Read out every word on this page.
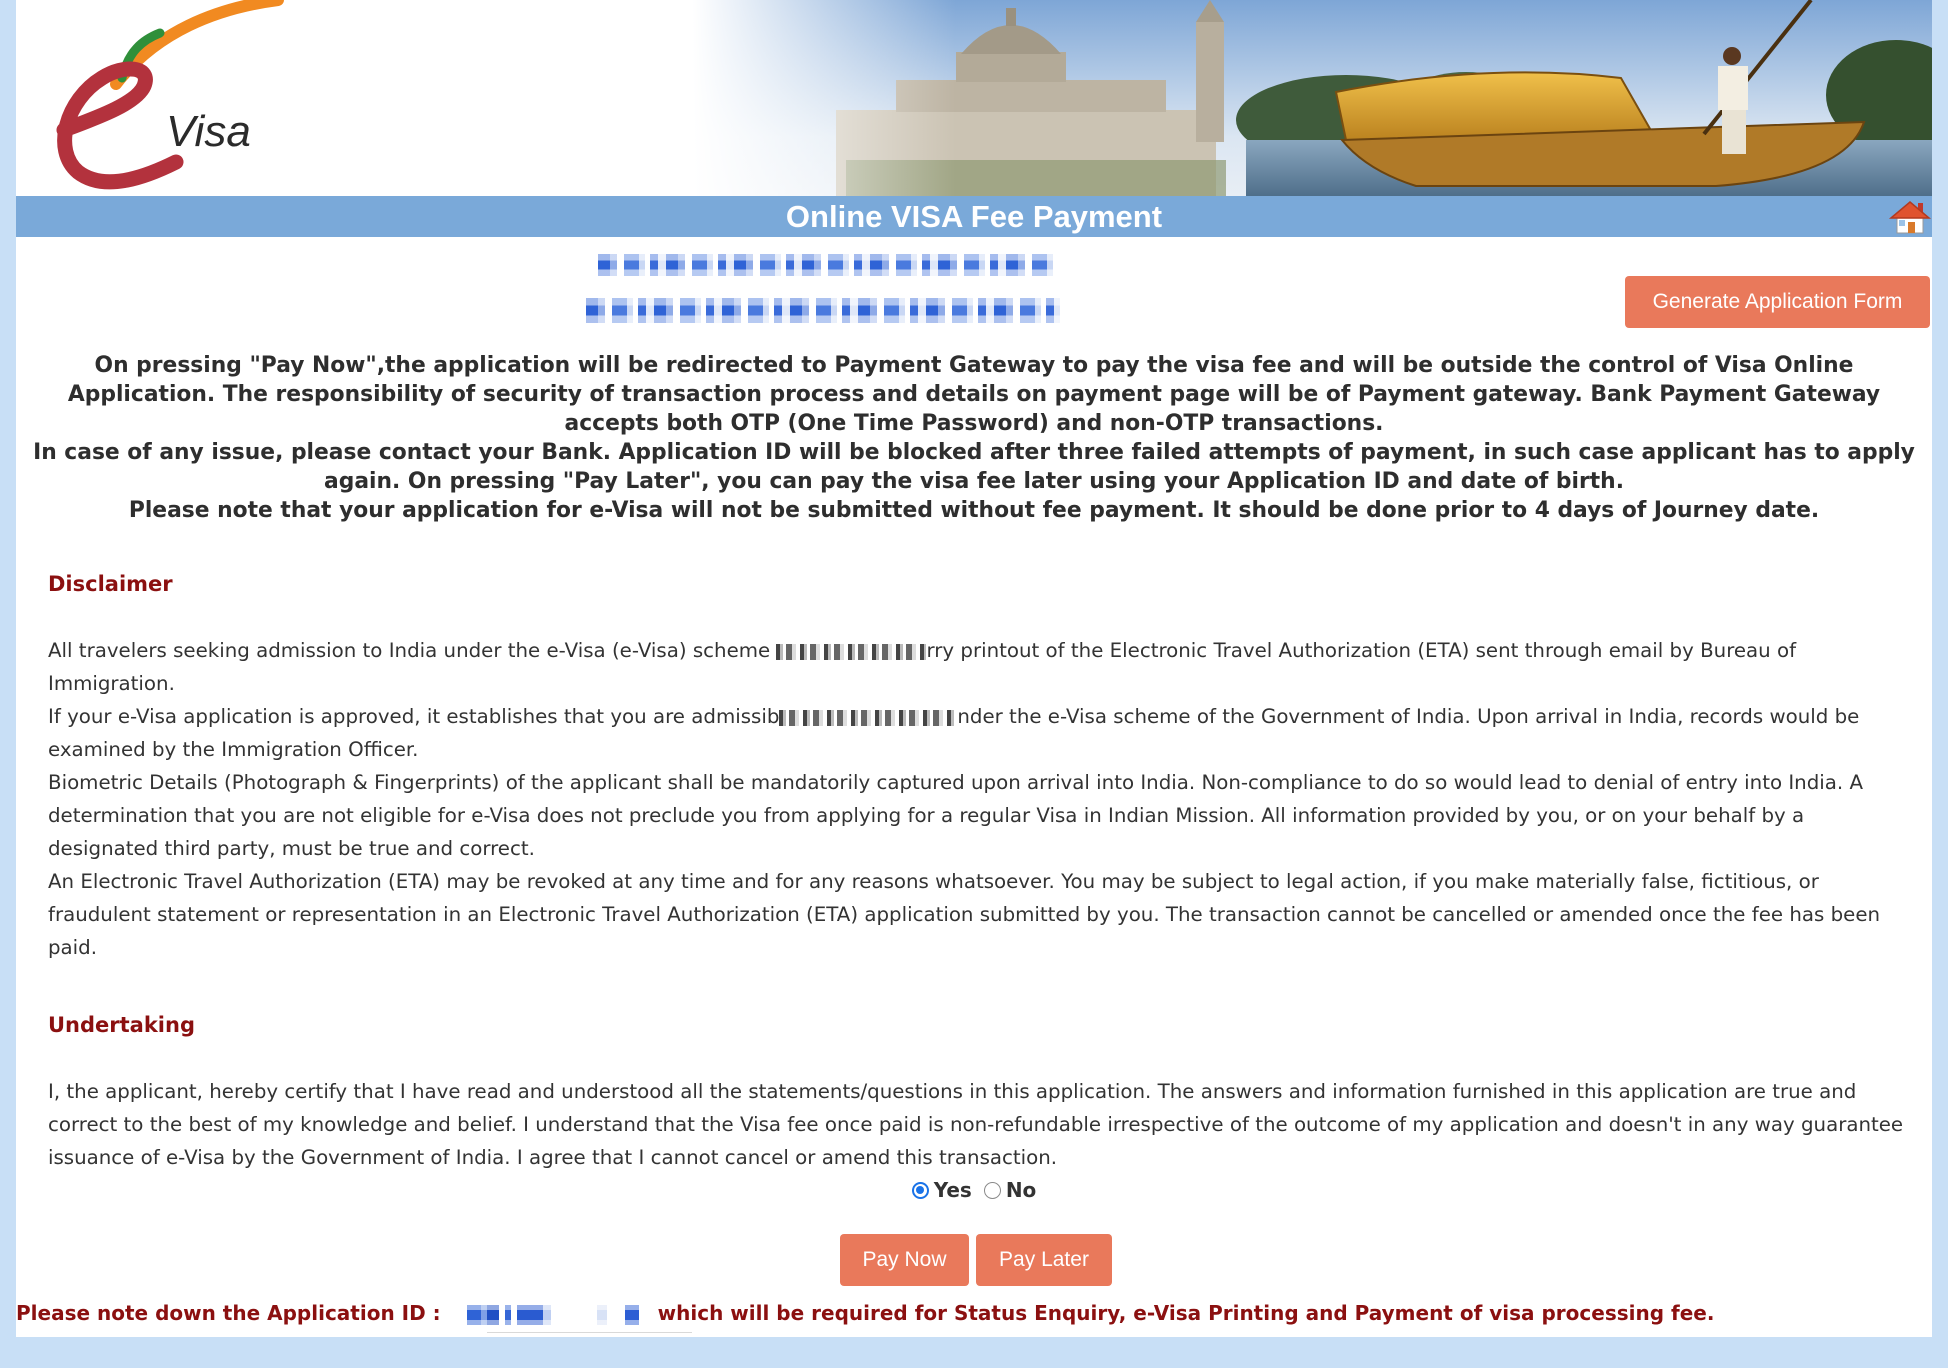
Visa
Online VISA Fee Payment
Generate Application Form
On pressing "Pay Now",the application will be redirected to Payment Gateway to pay the visa fee and will be outside the control of Visa Online Application. The responsibility of security of transaction process and details on payment page will be of Payment gateway. Bank Payment Gateway accepts both OTP (One Time Password) and non-OTP transactions.
In case of any issue, please contact your Bank. Application ID will be blocked after three failed attempts of payment, in such case applicant has to apply again. On pressing "Pay Later", you can pay the visa fee later using your Application ID and date of birth.
Please note that your application for e-Visa will not be submitted without fee payment. It should be done prior to 4 days of Journey date.
Disclaimer
All travelers seeking admission to India under the e-Visa (e-Visa) scheme	rry printout of the Electronic Travel Authorization (ETA) sent through email by Bureau of Immigration.
If your e-Visa application is approved, it establishes that you are admissib	nder the e-Visa scheme of the Government of India. Upon arrival in India, records would be examined by the Immigration Officer.
Biometric Details (Photograph & Fingerprints) of the applicant shall be mandatorily captured upon arrival into India. Non-compliance to do so would lead to denial of entry into India. A determination that you are not eligible for e-Visa does not preclude you from applying for a regular Visa in Indian Mission. All information provided by you, or on your behalf by a designated third party, must be true and correct.
An Electronic Travel Authorization (ETA) may be revoked at any time and for any reasons whatsoever. You may be subject to legal action, if you make materially false, fictitious, or fraudulent statement or representation in an Electronic Travel Authorization (ETA) application submitted by you. The transaction cannot be cancelled or amended once the fee has been paid.
Undertaking
I, the applicant, hereby certify that I have read and understood all the statements/questions in this application. The answers and information furnished in this application are true and correct to the best of my knowledge and belief. I understand that the Visa fee once paid is non-refundable irrespective of the outcome of my application and doesn't in any way guarantee issuance of e-Visa by the Government of India. I agree that I cannot cancel or amend this transaction.
Yes No
Pay Now	Pay Later
Please note down the Application ID :	which will be required for Status Enquiry, e-Visa Printing and Payment of visa processing fee.
